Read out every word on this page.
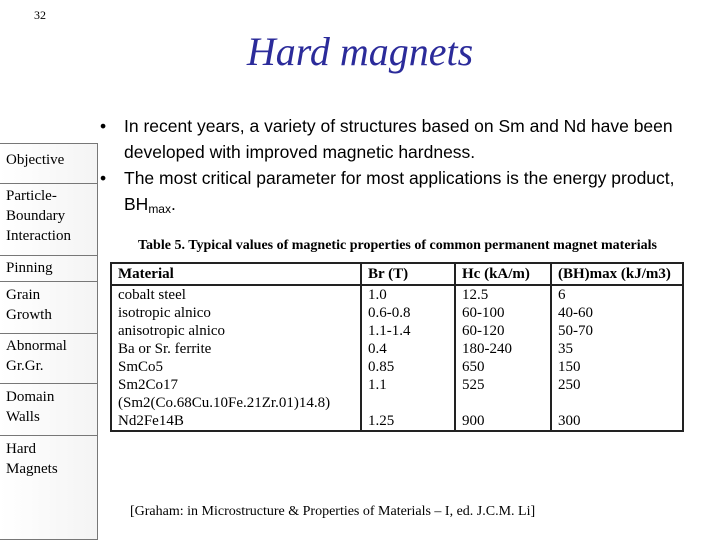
32
Hard magnets
Objective
Particle-Boundary Interaction
Pinning
Grain Growth
Abnormal Gr.Gr.
Domain Walls
Hard Magnets
• In recent years, a variety of structures based on Sm and Nd have been developed with improved magnetic hardness.
• The most critical parameter for most applications is the energy product, $BH_{max}$.
Table 5. Typical values of magnetic properties of common permanent magnet materials
Material	Br (T)	Hc (kA/m)	(BH)max (kJ/m3)
cobalt steel	1.0	12.5	6
isotropic alnico	0.6-0.8	60-100	40-60
anisotropic alnico	1.1-1.4	60-120	50-70
Ba or Sr. ferrite	0.4	180-240	35
SmCo5	0.85	650	150
Sm2Co17	1.1	525	250
(Sm2(Co.68Cu.10Fe.21Zr.01)14.8)			
Nd2Fe14B	1.25	900	300
[Graham: in Microstructure & Properties of Materials – I, ed. J.C.M. Li]
